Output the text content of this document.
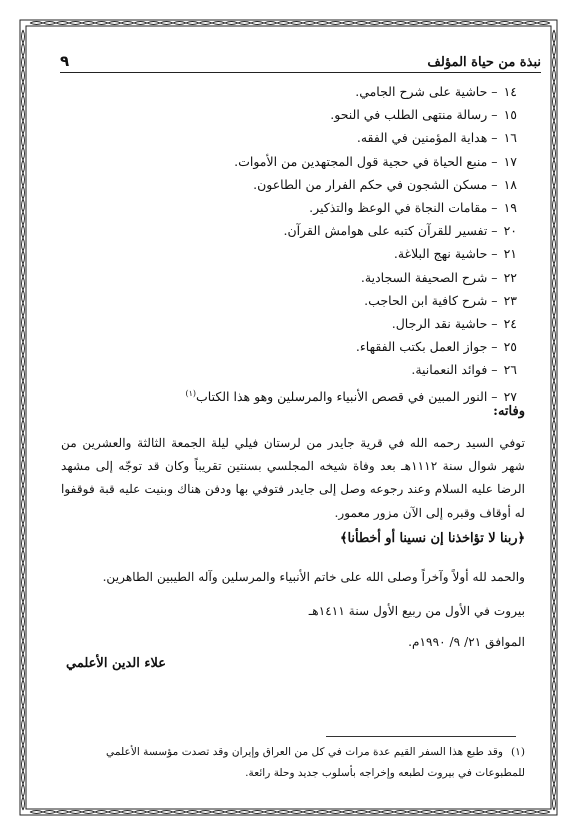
نبذة من حياة المؤلف
٩
١٤– حاشية على شرح الجامي.
١٥– رسالة منتهى الطلب في النحو.
١٦– هداية المؤمنين في الفقه.
١٧– منبع الحياة في حجية قول المجتهدين من الأموات.
١٨– مسكن الشجون في حكم الفرار من الطاعون.
١٩– مقامات النجاة في الوعظ والتذكير.
٢٠– تفسير للقرآن كتبه على هوامش القرآن.
٢١– حاشية نهج البلاغة.
٢٢– شرح الصحيفة السجادية.
٢٣– شرح كافية ابن الحاجب.
٢٤– حاشية نقد الرجال.
٢٥– جواز العمل بكتب الفقهاء.
٢٦– فوائد النعمانية.
٢٧– النور المبين في قصص الأنبياء والمرسلين وهو هذا الكتاب$^{(١)}$
وفاته:
توفي السيد رحمه الله في قرية جايدر من لرستان فيلي ليلة الجمعة الثالثة والعشرين من شهر شوال سنة ١١١٢هـ بعد وفاة شيخه المجلسي بسنتين تقريباً وكان قد توجّه إلى مشهد الرضا عليه السلام وعند رجوعه وصل إلى جايدر فتوفي بها ودفن هناك وبنيت عليه قبة فوقفوا له أوقاف وقبره إلى الآن مزور معمور.
﴿ربنا لا تؤاخذنا إن نسينا أو أخطأنا﴾

والحمد لله أولاً وآخراً وصلى الله على خاتم الأنبياء والمرسلين وآله الطيبين الطاهرين.

بيروت في الأول من ربيع الأول سنة ١٤١١هـ

الموافق ٢١/ ٩/ ١٩٩٠م.

علاء الدين الأعلمي
(١)وقد طبع هذا السفر القيم عدة مرات في كل من العراق وإيران وقد تصدت مؤسسة الأعلمي للمطبوعات في بيروت لطبعه وإخراجه بأسلوب جديد وحلة رائعة.
